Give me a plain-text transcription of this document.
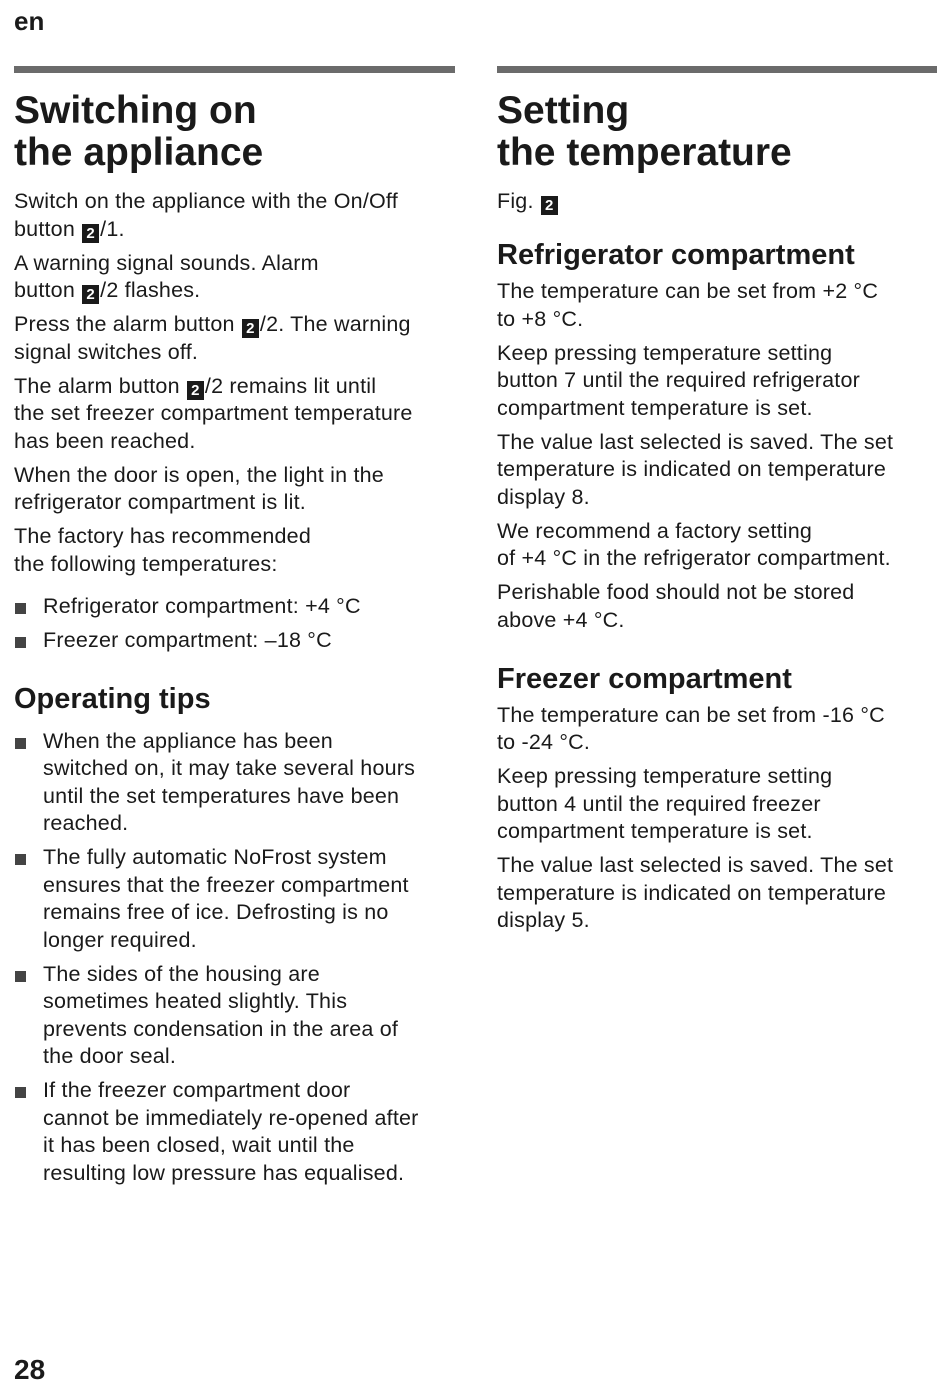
en
Switching on
the appliance

Switch on the appliance with the On/Off
button 2 /1.

A warning signal sounds. Alarm
button 2 /2 flashes.

Press the alarm button 2 /2. The warning
signal switches off.

The alarm button 2 /2 remains lit until
the set freezer compartment temperature
has been reached.

When the door is open, the light in the
refrigerator compartment is lit.

The factory has recommended
the following temperatures:

Refrigerator compartment: +4 °C
Freezer compartment: –18 °C
Operating tips
When the appliance has been
switched on, it may take several hours
until the set temperatures have been
reached.
The fully automatic NoFrost system
ensures that the freezer compartment
remains free of ice. Defrosting is no
longer required.
The sides of the housing are
sometimes heated slightly. This
prevents condensation in the area of
the door seal.
If the freezer compartment door
cannot be immediately re-opened after
it has been closed, wait until the
resulting low pressure has equalised.
Setting
the temperature

Fig. 2

Refrigerator compartment

The temperature can be set from +2 °C
to +8 °C.

Keep pressing temperature setting
button 7 until the required refrigerator
compartment temperature is set.

The value last selected is saved. The set
temperature is indicated on temperature
display 8.

We recommend a factory setting
of +4 °C in the refrigerator compartment.

Perishable food should not be stored
above +4 °C.

Freezer compartment

The temperature can be set from -16 °C
to -24 °C.

Keep pressing temperature setting
button 4 until the required freezer
compartment temperature is set.

The value last selected is saved. The set
temperature is indicated on temperature
display 5.

28
